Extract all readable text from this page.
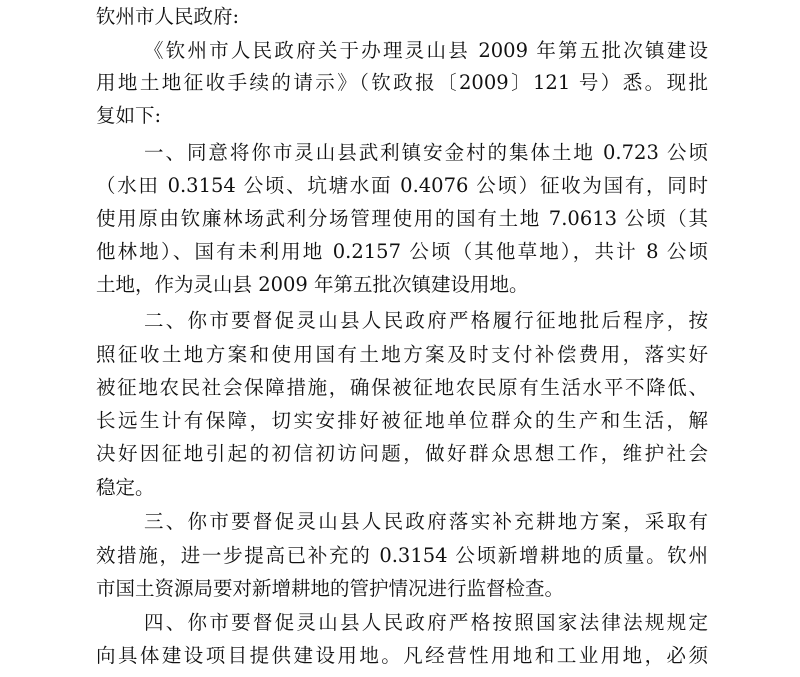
钦州市人民政府:
《钦州市人民政府关于办理灵山县 2009 年第五批次镇建设
用地土地征收手续的请示》（钦政报〔2009〕121 号）悉。现批
复如下:
一、同意将你市灵山县武利镇安金村的集体土地 0.723 公顷
（水田 0.3154 公顷、坑塘水面 0.4076 公顷）征收为国有，同时
使用原由钦廉林场武利分场管理使用的国有土地 7.0613 公顷（其
他林地）、国有未利用地 0.2157 公顷（其他草地），共计 8 公顷
土地，作为灵山县 2009 年第五批次镇建设用地。
二、你市要督促灵山县人民政府严格履行征地批后程序，按
照征收土地方案和使用国有土地方案及时支付补偿费用，落实好
被征地农民社会保障措施，确保被征地农民原有生活水平不降低、
长远生计有保障，切实安排好被征地单位群众的生产和生活，解
决好因征地引起的初信初访问题，做好群众思想工作，维护社会
稳定。
三、你市要督促灵山县人民政府落实补充耕地方案，采取有
效措施，进一步提高已补充的 0.3154 公顷新增耕地的质量。钦州
市国土资源局要对新增耕地的管护情况进行监督检查。
四、你市要督促灵山县人民政府严格按照国家法律法规规定
向具体建设项目提供建设用地。凡经营性用地和工业用地，必须
